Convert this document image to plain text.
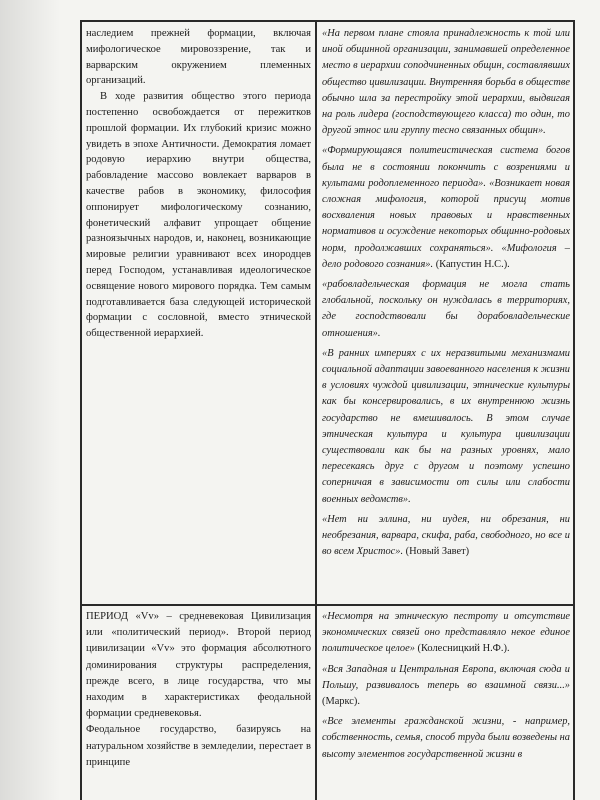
наследием прежней формации, включая мифологическое мировоззрение, так и варварским окружением племенных организаций.

В ходе развития общество этого периода постепенно освобождается от пережитков прошлой формации. Их глубокий кризис можно увидеть в эпохе Античности. Демократия ломает родовую иерархию внутри общества, рабовладение массово вовлекает варваров в качестве рабов в экономику, философия оппонирует мифологическому сознанию, фонетический алфавит упрощает общение разноязычных народов, и, наконец, возникающие мировые религии уравнивают всех инородцев перед Господом, устанавливая идеологическое освящение нового мирового порядка. Тем самым подготавливается база следующей исторической формации с сословной, вместо этнической общественной иерархией.

«На первом плане стояла принадлежность к той или иной общинной организации, занимавшей определенное место в иерархии соподчиненных общин, составлявших общество цивилизации. Внутренняя борьба в обществе обычно шла за перестройку этой иерархии, выдвигая на роль лидера (господствующего класса) то один, то другой этнос или группу тесно связанных общин».

«Формирующаяся политеистическая система богов была не в состоянии покончить с возрениями и культами родоплеменного периода». «Возникает новая сложная мифология, которой присущ мотив восхваления новых правовых и нравственных нормативов и осуждение некоторых общинно-родовых норм, продолжавших сохраняться». «Мифология – дело родового сознания». (Капустин Н.С.).

«рабовладельческая формация не могла стать глобальной, поскольку он нуждалась в территориях, где господствовали бы дорабовладельческие отношения».

«В ранних империях с их неразвитыми механизмами социальной адаптации завоеванного населения к жизни в условиях чуждой цивилизации, этнические культуры как бы консервировались, в их внутреннюю жизнь государство не вмешивалось. В этом случае этническая культура и культура цивилизации существовали как бы на разных уровнях, мало пересекаясь друг с другом и поэтому успешно соперничая в зависимости от силы или слабости военных ведомств».

«Нет ни эллина, ни иудея, ни обрезания, ни необрезания, варвара, скифа, раба, свободного, но все и во всем Христос». (Новый Завет)

ПЕРИОД «Vv» – средневековая Цивилизация или «политический период». Второй период цивилизации «Vv» это формация абсолютного доминирования структуры распределения, прежде всего, в лице государства, что мы находим в характеристиках феодальной формации средневековья.

Феодальное государство, базируясь на натуральном хозяйстве в земледелии, перестает в принципе

«Несмотря на этническую пестроту и отсутствие экономических связей оно представляло некое единое политическое целое» (Колесницкий Н.Ф.).

«Вся Западная и Центральная Европа, включая сюда и Польшу, развивалось теперь во взаимной связи...» (Маркс).

«Все элементы гражданской жизни, - например, собственность, семья, способ труда были возведены на высоту элементов государственной жизни в
